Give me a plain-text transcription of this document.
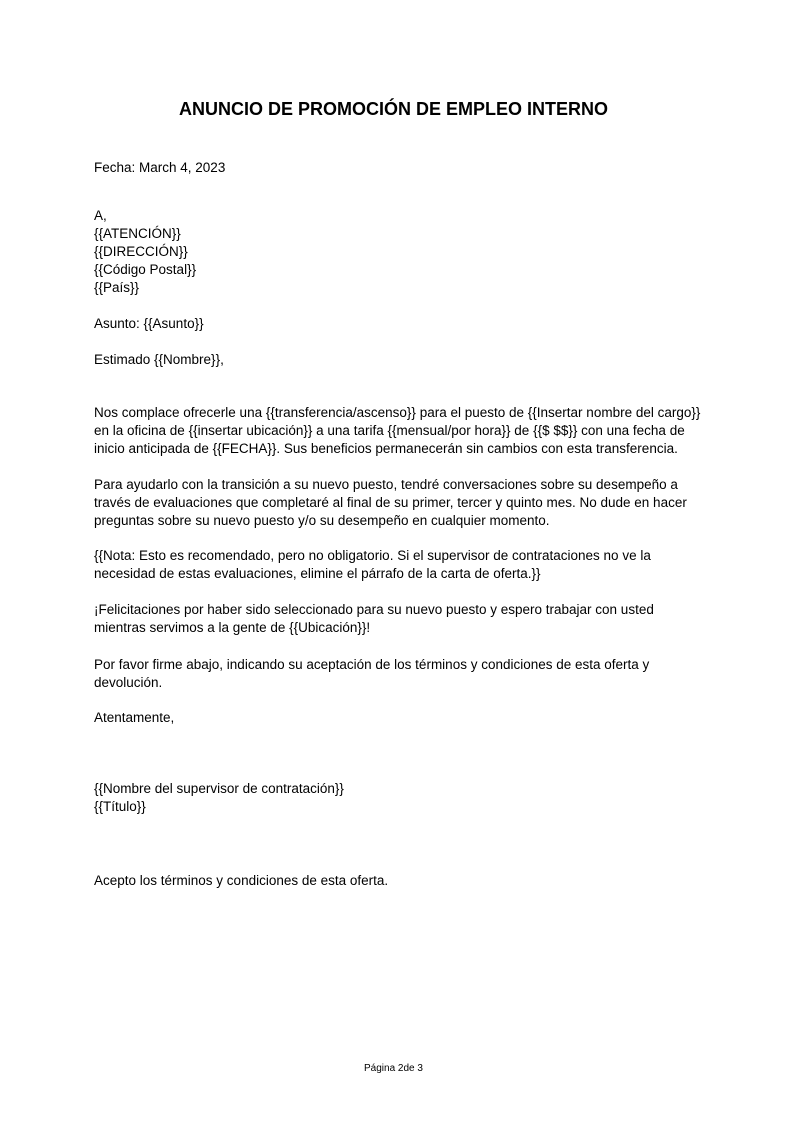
ANUNCIO DE PROMOCIÓN DE EMPLEO INTERNO
Fecha: March 4, 2023
A,
{{ATENCIÓN}}
{{DIRECCIÓN}}
{{Código Postal}}
{{País}}
Asunto: {{Asunto}}
Estimado {{Nombre}},
Nos complace ofrecerle una {{transferencia/ascenso}} para el puesto de {{Insertar nombre del cargo}}
en la oficina de {{insertar ubicación}} a una tarifa {{mensual/por hora}} de {{$ $$}} con una fecha de
inicio anticipada de {{FECHA}}. Sus beneficios permanecerán sin cambios con esta transferencia.
Para ayudarlo con la transición a su nuevo puesto, tendré conversaciones sobre su desempeño a
través de evaluaciones que completaré al final de su primer, tercer y quinto mes. No dude en hacer
preguntas sobre su nuevo puesto y/o su desempeño en cualquier momento.
{{Nota: Esto es recomendado, pero no obligatorio. Si el supervisor de contrataciones no ve la
necesidad de estas evaluaciones, elimine el párrafo de la carta de oferta.}}
¡Felicitaciones por haber sido seleccionado para su nuevo puesto y espero trabajar con usted
mientras servimos a la gente de {{Ubicación}}!
Por favor firme abajo, indicando su aceptación de los términos y condiciones de esta oferta y
devolución.
Atentamente,
{{Nombre del supervisor de contratación}}
{{Título}}
Acepto los términos y condiciones de esta oferta.
Página 2de 3
